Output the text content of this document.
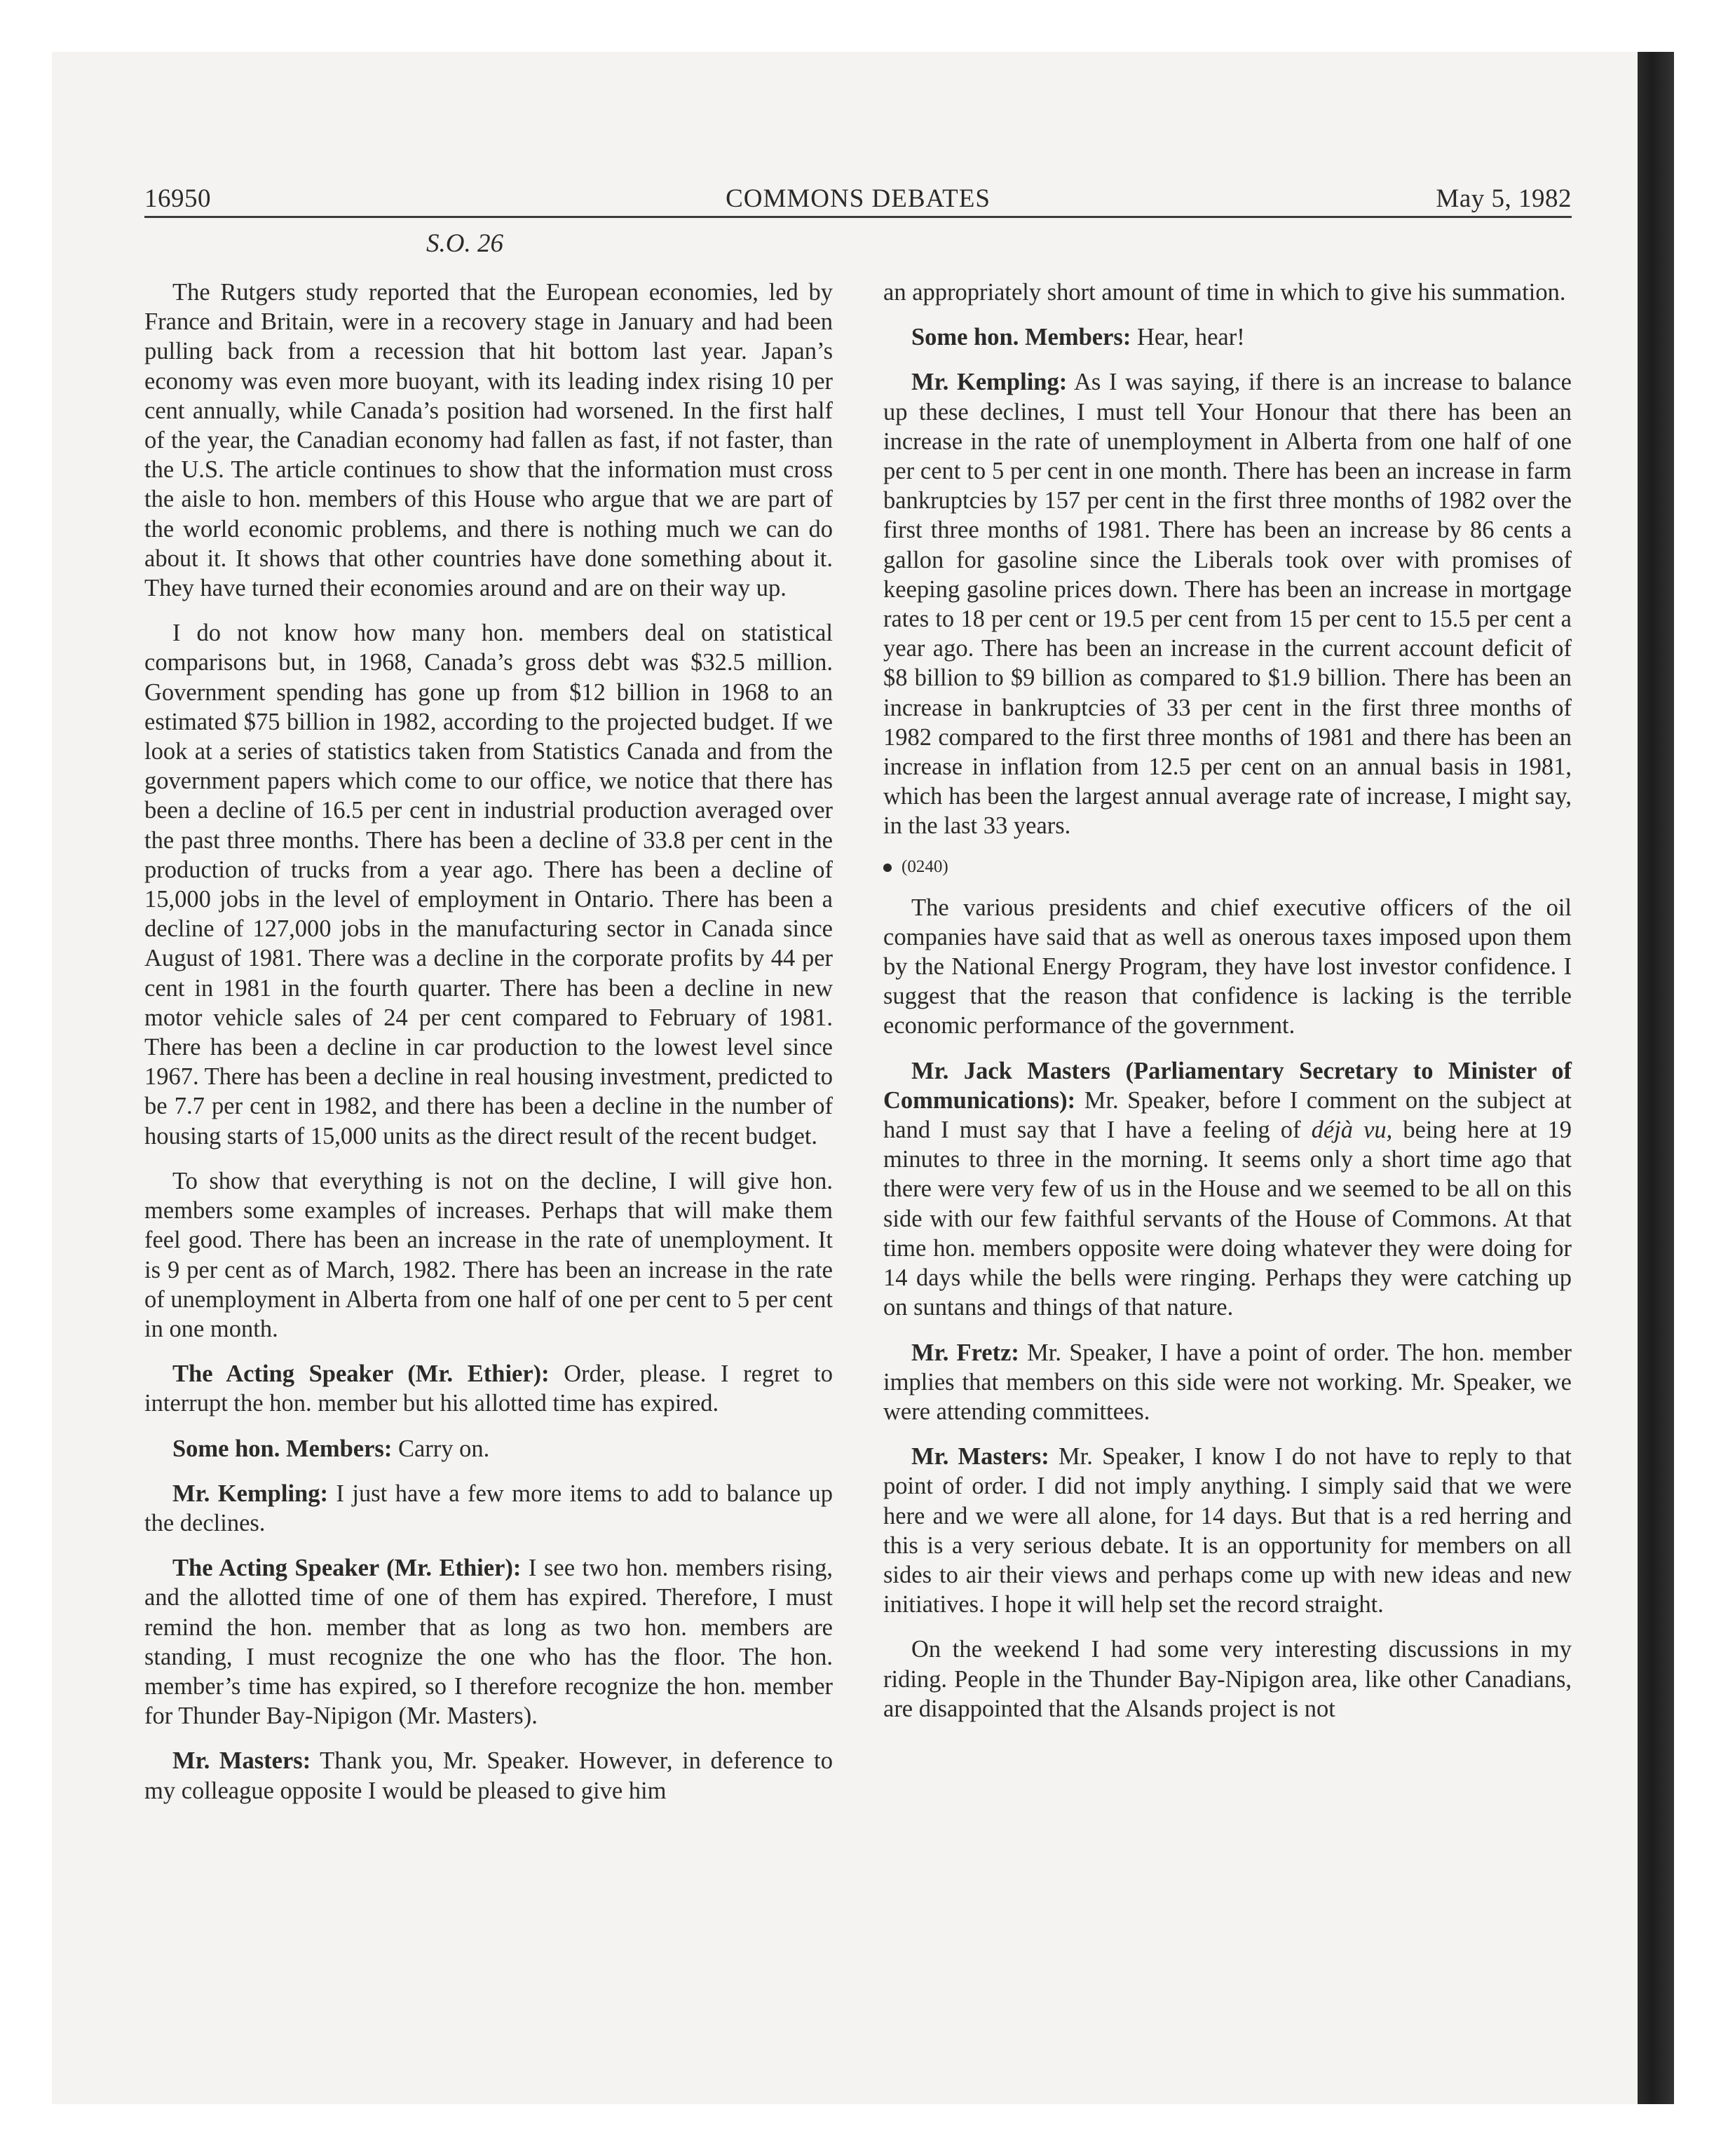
16950	COMMONS DEBATES	May 5, 1982
S.O. 26

The Rutgers study reported that the European economies, led by France and Britain, were in a recovery stage in January and had been pulling back from a recession that hit bottom last year. Japan’s economy was even more buoyant, with its leading index rising 10 per cent annually, while Canada’s position had worsened. In the first half of the year, the Canadian economy had fallen as fast, if not faster, than the U.S. The article continues to show that the information must cross the aisle to hon. members of this House who argue that we are part of the world economic problems, and there is nothing much we can do about it. It shows that other countries have done something about it. They have turned their economies around and are on their way up.

I do not know how many hon. members deal on statistical comparisons but, in 1968, Canada’s gross debt was $32.5 million. Government spending has gone up from $12 billion in 1968 to an estimated $75 billion in 1982, according to the projected budget. If we look at a series of statistics taken from Statistics Canada and from the government papers which come to our office, we notice that there has been a decline of 16.5 per cent in industrial production averaged over the past three months. There has been a decline of 33.8 per cent in the production of trucks from a year ago. There has been a decline of 15,000 jobs in the level of employment in Ontario. There has been a decline of 127,000 jobs in the manufacturing sector in Canada since August of 1981. There was a decline in the corporate profits by 44 per cent in 1981 in the fourth quarter. There has been a decline in new motor vehicle sales of 24 per cent compared to February of 1981. There has been a decline in car production to the lowest level since 1967. There has been a decline in real housing investment, predicted to be 7.7 per cent in 1982, and there has been a decline in the number of housing starts of 15,000 units as the direct result of the recent budget.

To show that everything is not on the decline, I will give hon. members some examples of increases. Perhaps that will make them feel good. There has been an increase in the rate of unemployment. It is 9 per cent as of March, 1982. There has been an increase in the rate of unemployment in Alberta from one half of one per cent to 5 per cent in one month.

The Acting Speaker (Mr. Ethier): Order, please. I regret to interrupt the hon. member but his allotted time has expired.

Some hon. Members: Carry on.

Mr. Kempling: I just have a few more items to add to balance up the declines.

The Acting Speaker (Mr. Ethier): I see two hon. members rising, and the allotted time of one of them has expired. Therefore, I must remind the hon. member that as long as two hon. members are standing, I must recognize the one who has the floor. The hon. member’s time has expired, so I therefore recognize the hon. member for Thunder Bay-Nipigon (Mr. Masters).

Mr. Masters: Thank you, Mr. Speaker. However, in deference to my colleague opposite I would be pleased to give him

an appropriately short amount of time in which to give his summation.

Some hon. Members: Hear, hear!

Mr. Kempling: As I was saying, if there is an increase to balance up these declines, I must tell Your Honour that there has been an increase in the rate of unemployment in Alberta from one half of one per cent to 5 per cent in one month. There has been an increase in farm bankruptcies by 157 per cent in the first three months of 1982 over the first three months of 1981. There has been an increase by 86 cents a gallon for gasoline since the Liberals took over with promises of keeping gasoline prices down. There has been an increase in mortgage rates to 18 per cent or 19.5 per cent from 15 per cent to 15.5 per cent a year ago. There has been an increase in the current account deficit of $8 billion to $9 billion as compared to $1.9 billion. There has been an increase in bankruptcies of 33 per cent in the first three months of 1982 compared to the first three months of 1981 and there has been an increase in inflation from 12.5 per cent on an annual basis in 1981, which has been the largest annual average rate of increase, I might say, in the last 33 years.

(0240)

The various presidents and chief executive officers of the oil companies have said that as well as onerous taxes imposed upon them by the National Energy Program, they have lost investor confidence. I suggest that the reason that confidence is lacking is the terrible economic performance of the government.

Mr. Jack Masters (Parliamentary Secretary to Minister of Communications): Mr. Speaker, before I comment on the subject at hand I must say that I have a feeling of déjà vu, being here at 19 minutes to three in the morning. It seems only a short time ago that there were very few of us in the House and we seemed to be all on this side with our few faithful servants of the House of Commons. At that time hon. members opposite were doing whatever they were doing for 14 days while the bells were ringing. Perhaps they were catching up on suntans and things of that nature.

Mr. Fretz: Mr. Speaker, I have a point of order. The hon. member implies that members on this side were not working. Mr. Speaker, we were attending committees.

Mr. Masters: Mr. Speaker, I know I do not have to reply to that point of order. I did not imply anything. I simply said that we were here and we were all alone, for 14 days. But that is a red herring and this is a very serious debate. It is an opportunity for members on all sides to air their views and perhaps come up with new ideas and new initiatives. I hope it will help set the record straight.

On the weekend I had some very interesting discussions in my riding. People in the Thunder Bay-Nipigon area, like other Canadians, are disappointed that the Alsands project is not
